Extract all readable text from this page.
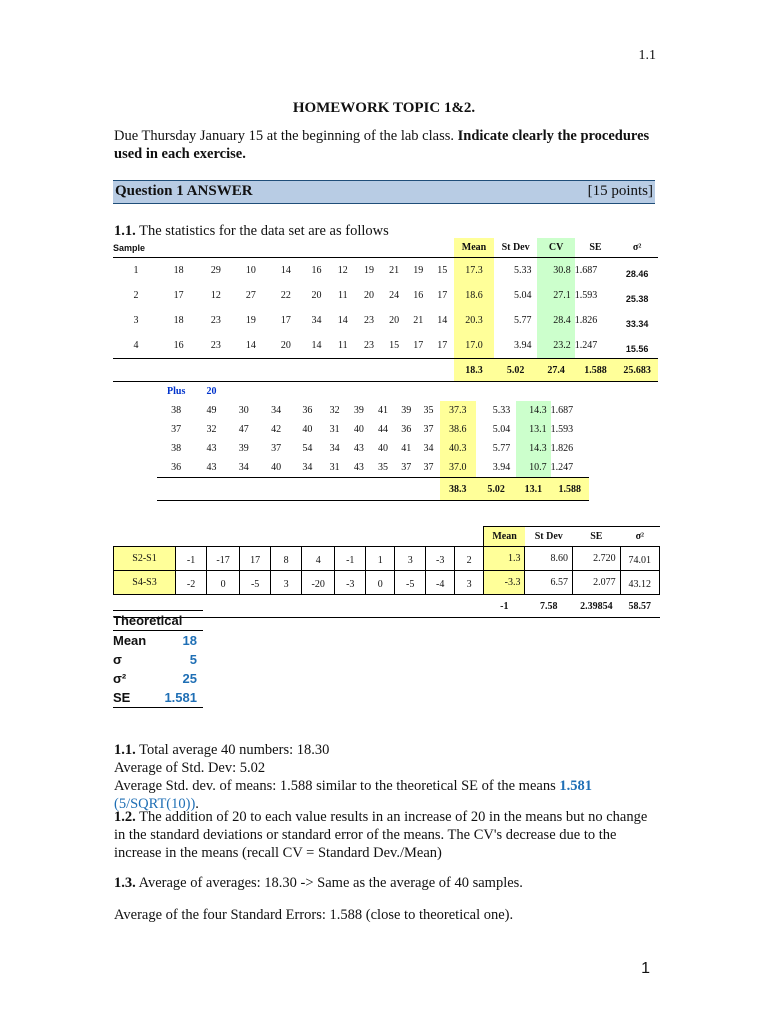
1.1
HOMEWORK TOPIC 1&2.
Due Thursday January 15 at the beginning of the lab class. Indicate clearly the procedures used in each exercise.
Question 1 ANSWER	[15 points]
1.1. The statistics for the data set are as follows
Sample											Mean	St Dev	CV	SE	σ²
1	18	29	10	14	16	12	19	21	19	15	17.3	5.33	30.8	1.687	28.46
2	17	12	27	22	20	11	20	24	16	17	18.6	5.04	27.1	1.593	25.38
3	18	23	19	17	34	14	23	20	21	14	20.3	5.77	28.4	1.826	33.34
4	16	23	14	20	14	11	23	15	17	17	17.0	3.94	23.2	1.247	15.56
											18.3	5.02	27.4	1.588	25.683
Plus	20												
38	49	30	34	36	32	39	41	39	35	37.3	5.33	14.3	1.687
37	32	47	42	40	31	40	44	36	37	38.6	5.04	13.1	1.593
38	43	39	37	54	34	43	40	41	34	40.3	5.77	14.3	1.826
36	43	34	40	34	31	43	35	37	37	37.0	3.94	10.7	1.247
										38.3	5.02	13.1	1.588
											Mean	St Dev	SE	σ²
S2-S1	-1	-17	17	8	4	-1	1	3	-3	2	1.3	8.60	2.720	74.01
S4-S3	-2	0	-5	3	-20	-3	0	-5	-4	3	-3.3	6.57	2.077	43.12
											-1	7.58	2.39854	58.57
Theoretical	
Mean	18
σ	5
σ²	25
SE	1.581
1.1. Total average 40 numbers: 18.30
Average of Std. Dev: 5.02
Average Std. dev. of means: 1.588 similar to the theoretical SE of the means 1.581 (5/SQRT(10)).
1.2. The addition of 20 to each value results in an increase of 20 in the means but no change in the standard deviations or standard error of the means. The CV's decrease due to the increase in the means (recall CV = Standard Dev./Mean)
1.3. Average of averages: 18.30 -> Same as the average of 40 samples.
Average of the four Standard Errors: 1.588 (close to theoretical one).
1
